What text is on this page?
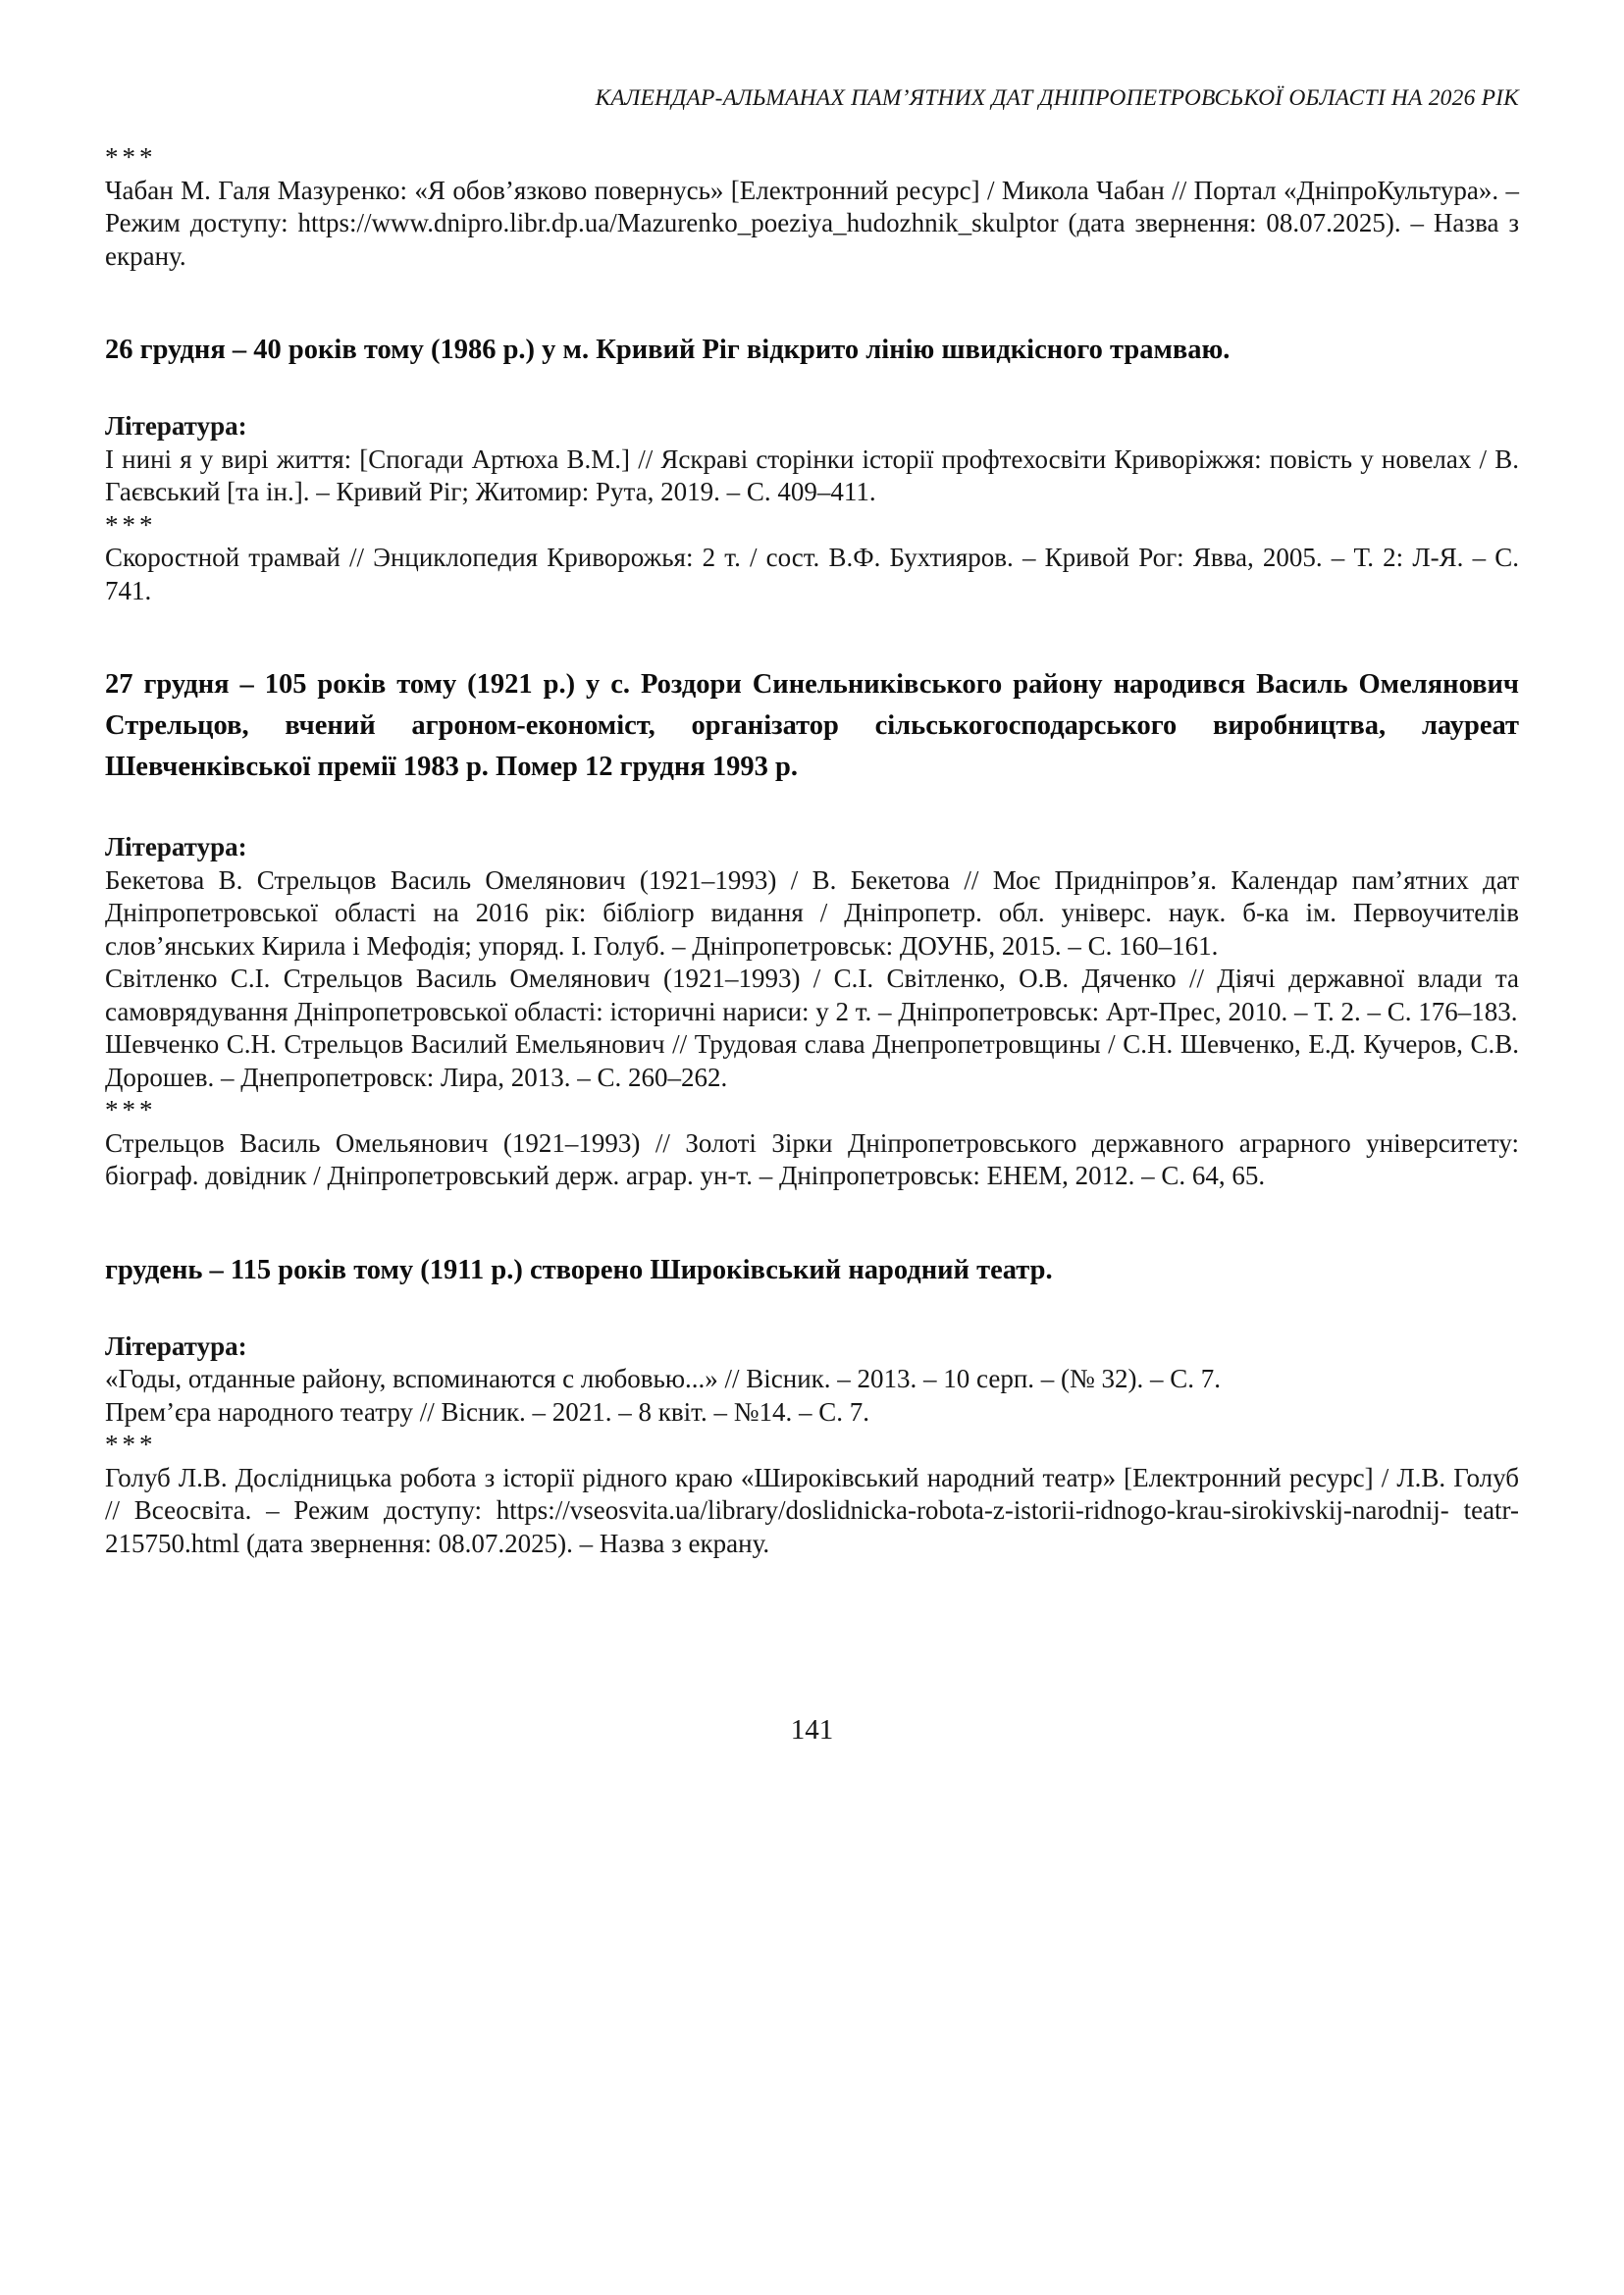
КАЛЕНДАР-АЛЬМАНАХ ПАМ’ЯТНИХ ДАТ ДНІПРОПЕТРОВСЬКОЇ ОБЛАСТІ НА 2026 РІК
***

Чабан М. Галя Мазуренко: «Я обов’язково повернусь» [Електронний ресурс] / Микола Чабан // Портал «ДніпроКультура». – Режим доступу: https://www.dnipro.libr.dp.ua/Mazurenko_poeziya_hudozhnik_skulptor (дата звернення: 08.07.2025). – Назва з екрану.

26 грудня – 40 років тому (1986 р.) у м. Кривий Ріг відкрито лінію швидкісного трамваю.
Література:

І нині я у вирі життя: [Спогади Артюха В.М.] // Яскраві сторінки історії профтехосвіти Криворіжжя: повість у новелах / В. Гаєвський [та ін.]. – Кривий Ріг; Житомир: Рута, 2019. – С. 409–411.

***

Скоростной трамвай // Энциклопедия Криворожья: 2 т. / сост. В.Ф. Бухтияров. – Кривой Рог: Явва, 2005. – Т. 2: Л-Я. – С. 741.

27 грудня – 105 років тому (1921 р.) у с. Роздори Синельниківського району народився Василь Омелянович Стрельцов, вчений агроном-економіст, організатор сільськогосподарського виробництва, лауреат Шевченківської премії 1983 р. Помер 12 грудня 1993 р.
Література:

Бекетова В. Стрельцов Василь Омелянович (1921–1993) / В. Бекетова // Моє Придніпров’я. Календар пам’ятних дат Дніпропетровської області на 2016 рік: бібліогр видання / Дніпропетр. обл. універс. наук. б-ка ім. Первоучителів слов’янських Кирила і Мефодія; упоряд. І. Голуб. – Дніпропетровськ: ДОУНБ, 2015. – С. 160–161.

Світленко С.І. Стрельцов Василь Омелянович (1921–1993) / С.І. Світленко, О.В. Дяченко // Діячі державної влади та самоврядування Дніпропетровської області: історичні нариси: у 2 т. – Дніпропетровськ: Арт-Прес, 2010. – Т. 2. – С. 176–183.

Шевченко С.Н. Стрельцов Василий Емельянович // Трудовая слава Днепропетровщины / С.Н. Шевченко, Е.Д. Кучеров, С.В. Дорошев. – Днепропетровск: Лира, 2013. – С. 260–262.

***

Стрельцов Василь Омельянович (1921–1993) // Золоті Зірки Дніпропетровського державного аграрного університету: біограф. довідник / Дніпропетровський держ. аграр. ун-т. – Дніпропетровськ: ЕНЕМ, 2012. – С. 64, 65.

грудень – 115 років тому (1911 р.) створено Широківський народний театр.
Література:

«Годы, отданные району, вспоминаются с любовью...» // Вісник. – 2013. – 10 серп. – (№ 32). – С. 7.

Прем’єра народного театру // Вісник. – 2021. – 8 квіт. – №14. – С. 7.

***

Голуб Л.В. Дослідницька робота з історії рідного краю «Широківський народний театр» [Електронний ресурс] / Л.В. Голуб // Всеосвіта. – Режим доступу: https://vseosvita.ua/library/doslidnicka-robota-z-istorii-ridnogo-krau-sirokivskij-narodnij- teatr-215750.html (дата звернення: 08.07.2025). – Назва з екрану.

141
